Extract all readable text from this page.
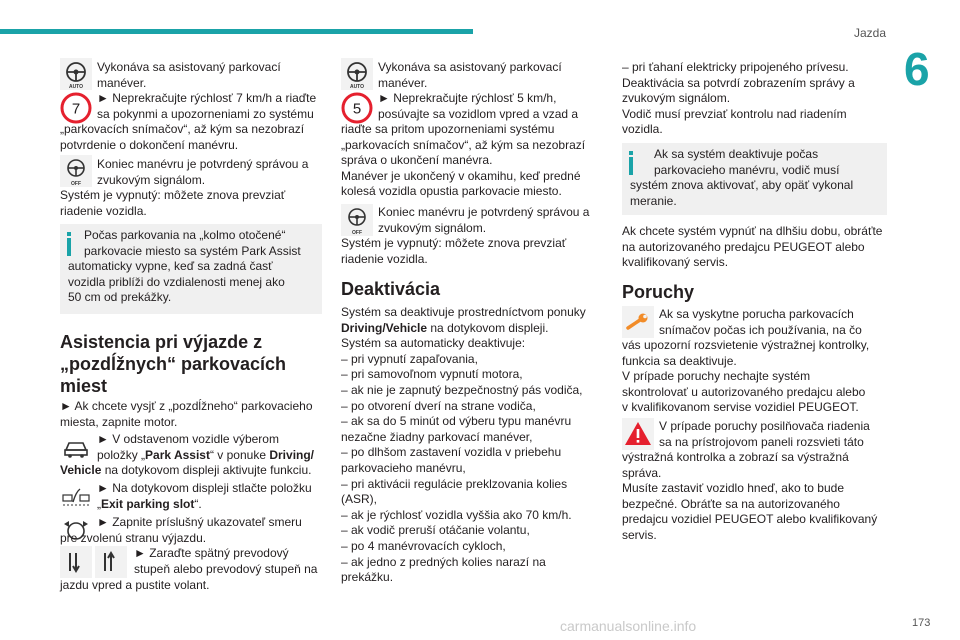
Jazda
6
173
carmanualsonline.info
AUTO
7
Vykonáva sa asistovaný parkovací
manéver.
► Neprekračujte rýchlosť 7 km/h a riaďte
sa pokynmi a upozorneniami zo systému
„parkovacích snímačov“, až kým sa nezobrazí
potvrdenie o dokončení manévru.
OFF
Koniec manévru je potvrdený správou a
zvukovým signálom.
Systém je vypnutý: môžete znova prevziať
riadenie vozidla.
Počas parkovania na „kolmo otočené“
parkovacie miesto sa systém Park Assist
automaticky vypne, keď sa zadná časť
vozidla priblíži do vzdialenosti menej ako
50 cm od prekážky.
Asistencia pri výjazde z
„pozdĺžnych“ parkovacích
miest
► Ak chcete vysjť z „pozdĺžneho“ parkovacieho
miesta, zapnite motor.
► V odstavenom vozidle výberom
položky „Park Assist“ v ponuke Driving/
Vehicle na dotykovom displeji aktivujte funkciu.
► Na dotykovom displeji stlačte položku
„Exit parking slot“.
► Zapnite príslušný ukazovateľ smeru
pre zvolenú stranu výjazdu.
► Zaraďte spätný prevodový
stupeň alebo prevodový stupeň na
jazdu vpred a pustite volant.
AUTO
5
Vykonáva sa asistovaný parkovací
manéver.
► Neprekračujte rýchlosť 5 km/h,
posúvajte sa vozidlom vpred a vzad a
riaďte sa pritom upozorneniami systému
„parkovacích snímačov“, až kým sa nezobrazí
správa o ukončení manévra.
Manéver je ukončený v okamihu, keď predné
kolesá vozidla opustia parkovacie miesto.
OFF
Koniec manévru je potvrdený správou a
zvukovým signálom.
Systém je vypnutý: môžete znova prevziať
riadenie vozidla.
Deaktivácia
Systém sa deaktivuje prostredníctvom ponuky
Driving/Vehicle na dotykovom displeji.
Systém sa automaticky deaktivuje:
– pri vypnutí zapaľovania,
– pri samovoľnom vypnutí motora,
– ak nie je zapnutý bezpečnostný pás vodiča,
– po otvorení dverí na strane vodiča,
– ak sa do 5 minút od výberu typu manévru
nezačne žiadny parkovací manéver,
– po dlhšom zastavení vozidla v priebehu
parkovacieho manévru,
– pri aktivácii regulácie preklzovania kolies
(ASR),
– ak je rýchlosť vozidla vyššia ako 70 km/h.
– ak vodič preruší otáčanie volantu,
– po 4 manévrovacích cykloch,
– ak jedno z predných kolies narazí na
prekážku.
– pri ťahaní elektricky pripojeného prívesu.
Deaktivácia sa potvrdí zobrazením správy a
zvukovým signálom.
Vodič musí prevziať kontrolu nad riadením
vozidla.
Ak sa systém deaktivuje počas
parkovacieho manévru, vodič musí
systém znova aktivovať, aby opäť vykonal
meranie.
Ak chcete systém vypnúť na dlhšiu dobu, obráťte
na autorizovaného predajcu PEUGEOT alebo
kvalifikovaný servis.
Poruchy
Ak sa vyskytne porucha parkovacích
snímačov počas ich používania, na čo
vás upozorní rozsvietenie výstražnej kontrolky,
funkcia sa deaktivuje.
V prípade poruchy nechajte systém
skontrolovať u autorizovaného predajcu alebo
v kvalifikovanom servise vozidiel PEUGEOT.
V prípade poruchy posilňovača riadenia
sa na prístrojovom paneli rozsvieti táto
výstražná kontrolka a zobrazí sa výstražná
správa.
Musíte zastaviť vozidlo hneď, ako to bude
bezpečné. Obráťte sa na autorizovaného
predajcu vozidiel PEUGEOT alebo kvalifikovaný
servis.
